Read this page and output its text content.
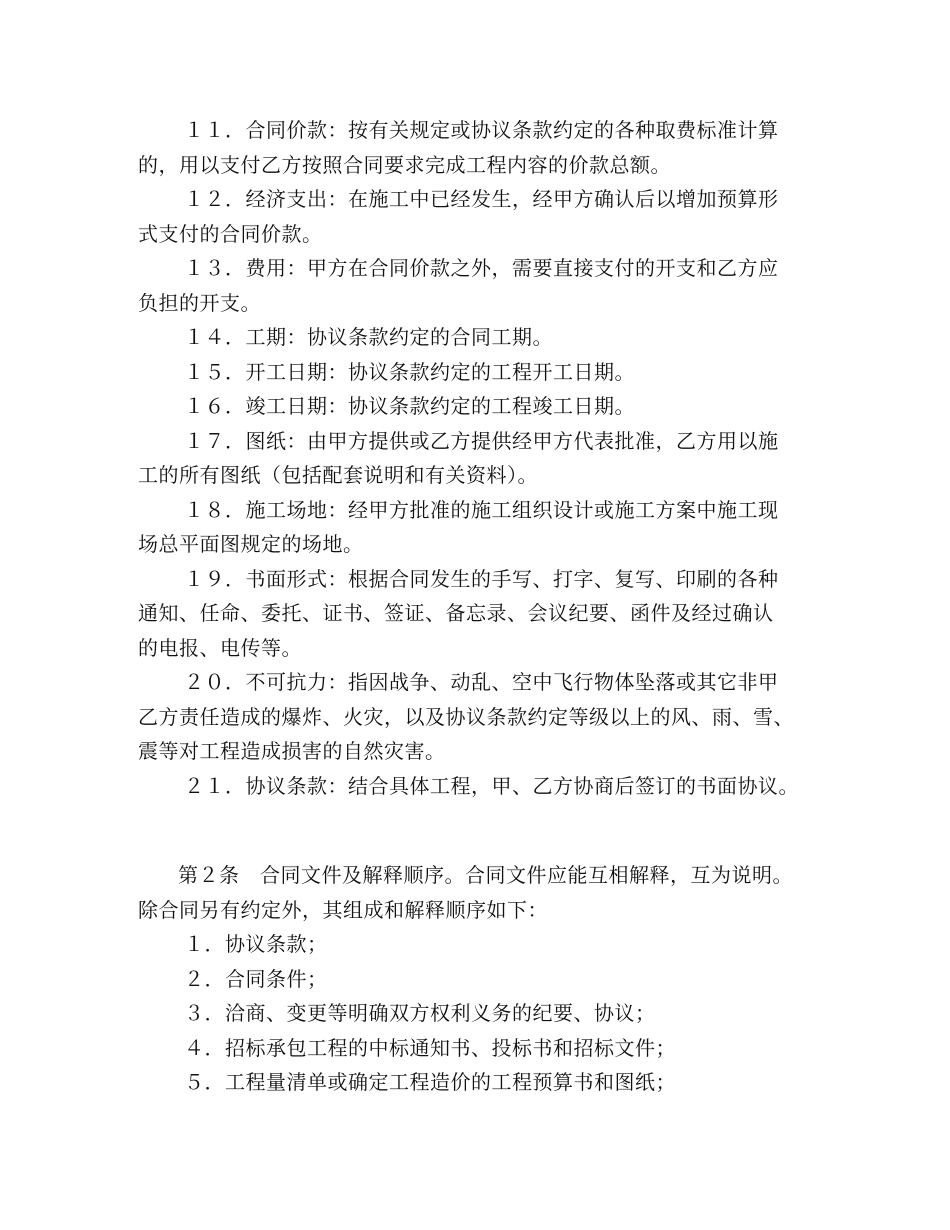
１１．合同价款：按有关规定或协议条款约定的各种取费标准计算
的，用以支付乙方按照合同要求完成工程内容的价款总额。

１２．经济支出：在施工中已经发生，经甲方确认后以增加预算形
式支付的合同价款。

１３．费用：甲方在合同价款之外，需要直接支付的开支和乙方应
负担的开支。

１４．工期：协议条款约定的合同工期。

１５．开工日期：协议条款约定的工程开工日期。

１６．竣工日期：协议条款约定的工程竣工日期。

１７．图纸：由甲方提供或乙方提供经甲方代表批准，乙方用以施
工的所有图纸（包括配套说明和有关资料）。

１８．施工场地：经甲方批准的施工组织设计或施工方案中施工现
场总平面图规定的场地。

１９．书面形式：根据合同发生的手写、打字、复写、印刷的各种
通知、任命、委托、证书、签证、备忘录、会议纪要、函件及经过确认
的电报、电传等。

２０．不可抗力：指因战争、动乱、空中飞行物体坠落或其它非甲
乙方责任造成的爆炸、火灾，以及协议条款约定等级以上的风、雨、雪、
震等对工程造成损害的自然灾害。

２１．协议条款：结合具体工程，甲、乙方协商后签订的书面协议。

第２条　合同文件及解释顺序。合同文件应能互相解释，互为说明。
除合同另有约定外，其组成和解释顺序如下：

１．协议条款；

２．合同条件；

３．洽商、变更等明确双方权利义务的纪要、协议；

４．招标承包工程的中标通知书、投标书和招标文件；

５．工程量清单或确定工程造价的工程预算书和图纸；
